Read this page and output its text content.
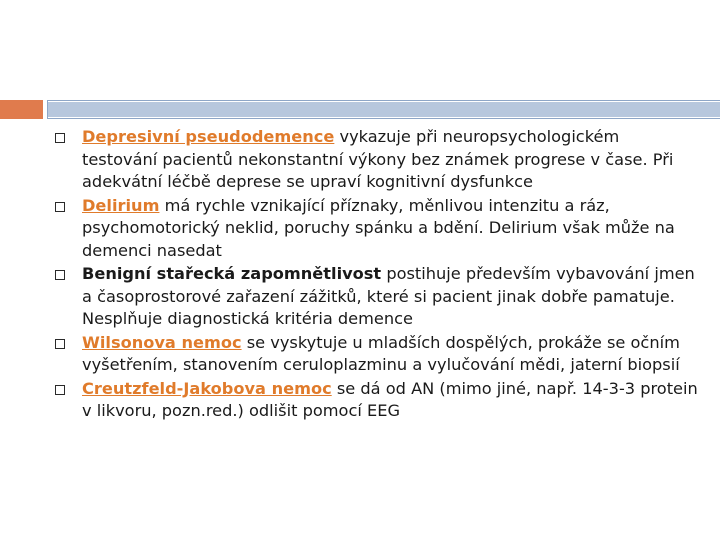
Depresivní pseudodemence vykazuje při neuropsychologickém testování pacientů nekonstantní výkony bez známek progrese v čase. Při adekvátní léčbě deprese se upraví kognitivní dysfunkce
Delirium má rychle vznikající příznaky, měnlivou intenzitu a ráz, psychomotorický neklid, poruchy spánku a bdění. Delirium však může na demenci nasedat
Benigní stařecká zapomnětlivost postihuje především vybavování jmen a časoprostorové zařazení zážitků, které si pacient jinak dobře pamatuje. Nesplňuje diagnostická kritéria demence
Wilsonova nemoc se vyskytuje u mladších dospělých, prokáže se očním vyšetřením, stanovením ceruloplazminu a vylučování mědi, jaterní biopsií
Creutzfeld-Jakobova nemoc se dá od AN (mimo jiné, např. 14-3-3 protein v likvoru, pozn.red.) odlišit pomocí EEG
